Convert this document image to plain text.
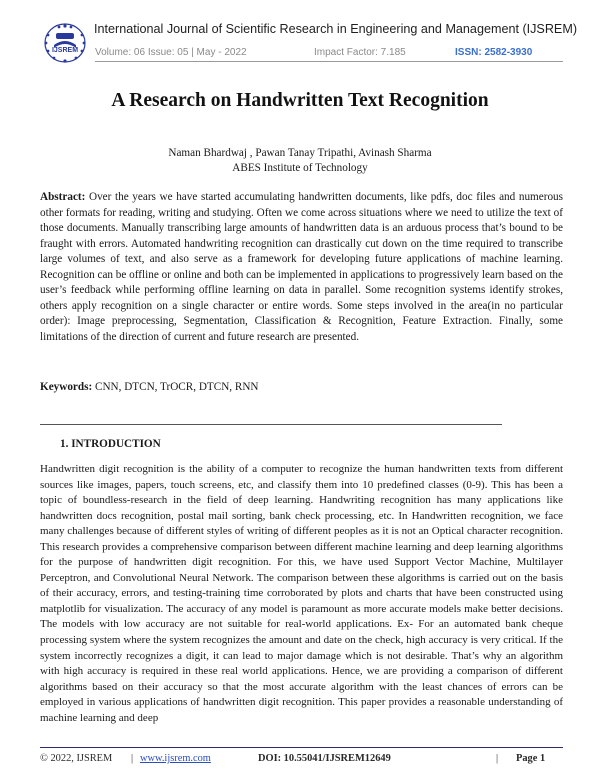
IJSREM
International Journal of Scientific Research in Engineering and Management (IJSREM)
Volume: 06 Issue: 05 | May - 2022	Impact Factor: 7.185	ISSN: 2582-3930
A Research on Handwritten Text Recognition
Naman Bhardwaj , Pawan Tanay Tripathi, Avinash Sharma
ABES Institute of Technology
Abstract: Over the years we have started accumulating handwritten documents, like pdfs, doc files and numerous other formats for reading, writing and studying. Often we come across situations where we need to utilize the text of those documents. Manually transcribing large amounts of handwritten data is an arduous process that’s bound to be fraught with errors. Automated handwriting recognition can drastically cut down on the time required to transcribe large volumes of text, and also serve as a framework for developing future applications of machine learning. Recognition can be offline or online and both can be implemented in applications to progressively learn based on the user’s feedback while performing offline learning on data in parallel. Some recognition systems identify strokes, others apply recognition on a single character or entire words. Some steps involved in the area(in no particular order): Image preprocessing, Segmentation, Classification & Recognition, Feature Extraction. Finally, some limitations of the direction of current and future research are presented.
Keywords: CNN, DTCN, TrOCR, DTCN, RNN
1. INTRODUCTION
Handwritten digit recognition is the ability of a computer to recognize the human handwritten texts from different sources like images, papers, touch screens, etc, and classify them into 10 predefined classes (0-9). This has been a topic of boundless-research in the field of deep learning. Handwriting recognition has many applications like handwritten docs recognition, postal mail sorting, bank check processing, etc. In Handwritten recognition, we face many challenges because of different styles of writing of different peoples as it is not an Optical character recognition. This research provides a comprehensive comparison between different machine learning and deep learning algorithms for the purpose of handwritten digit recognition. For this, we have used Support Vector Machine, Multilayer Perceptron, and Convolutional Neural Network. The comparison between these algorithms is carried out on the basis of their accuracy, errors, and testing-training time corroborated by plots and charts that have been constructed using matplotlib for visualization. The accuracy of any model is paramount as more accurate models make better decisions. The models with low accuracy are not suitable for real-world applications. Ex- For an automated bank cheque processing system where the system recognizes the amount and date on the check, high accuracy is very critical. If the system incorrectly recognizes a digit, it can lead to major damage which is not desirable. That’s why an algorithm with high accuracy is required in these real world applications. Hence, we are providing a comparison of different algorithms based on their accuracy so that the most accurate algorithm with the least chances of errors can be employed in various applications of handwritten digit recognition. This paper provides a reasonable understanding of machine learning and deep
© 2022, IJSREM | www.ijsrem.com	DOI: 10.55041/IJSREM12649	| Page 1
